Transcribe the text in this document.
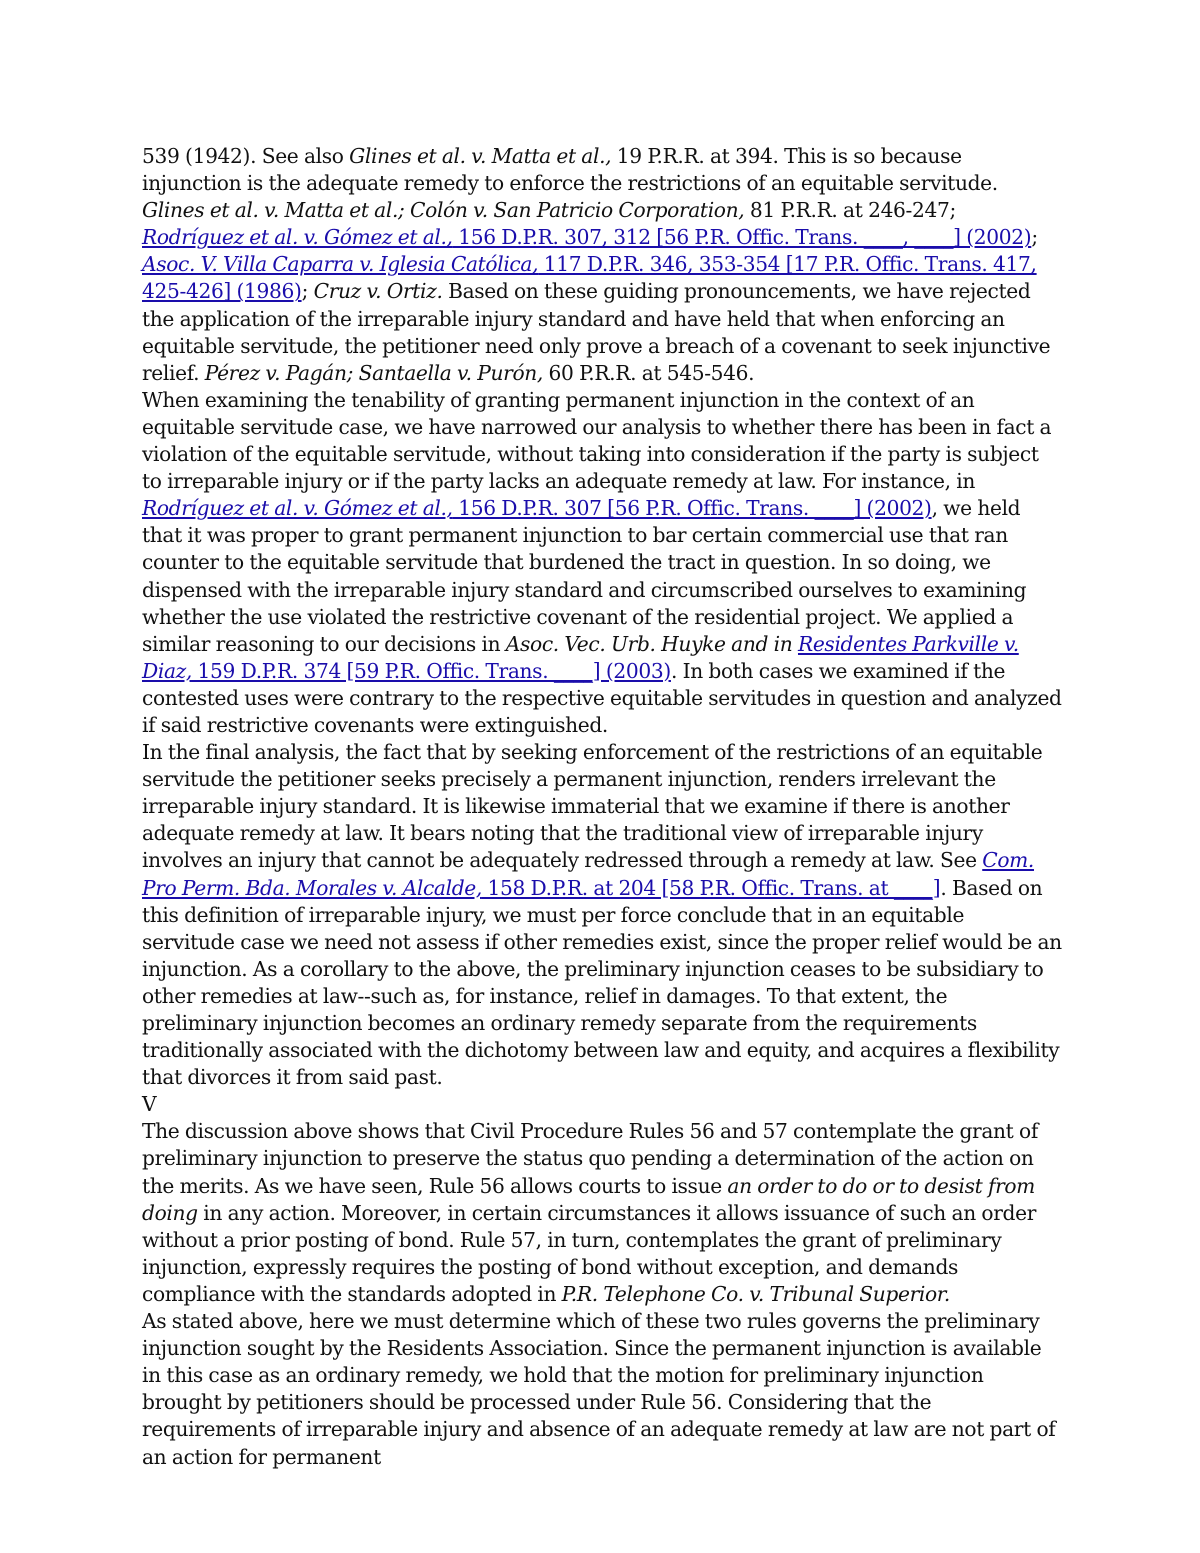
539 (1942). See also Glines et al. v. Matta et al., 19 P.R.R. at 394. This is so because injunction is the adequate remedy to enforce the restrictions of an equitable servitude. Glines et al. v. Matta et al.; Colón v. San Patricio Corporation, 81 P.R.R. at 246-247; Rodríguez et al. v. Gómez et al., 156 D.P.R. 307, 312 [56 P.R. Offic. Trans. ____, ____] (2002); Asoc. V. Villa Caparra v. Iglesia Católica, 117 D.P.R. 346, 353-354 [17 P.R. Offic. Trans. 417, 425-426] (1986); Cruz v. Ortiz. Based on these guiding pronouncements, we have rejected the application of the irreparable injury standard and have held that when enforcing an equitable servitude, the petitioner need only prove a breach of a covenant to seek injunctive relief. Pérez v. Pagán; Santaella v. Purón, 60 P.R.R. at 545-546.

When examining the tenability of granting permanent injunction in the context of an equitable servitude case, we have narrowed our analysis to whether there has been in fact a violation of the equitable servitude, without taking into consideration if the party is subject to irreparable injury or if the party lacks an adequate remedy at law. For instance, in Rodríguez et al. v. Gómez et al., 156 D.P.R. 307 [56 P.R. Offic. Trans. ____] (2002), we held that it was proper to grant permanent injunction to bar certain commercial use that ran counter to the equitable servitude that burdened the tract in question. In so doing, we dispensed with the irreparable injury standard and circumscribed ourselves to examining whether the use violated the restrictive covenant of the residential project. We applied a similar reasoning to our decisions in Asoc. Vec. Urb. Huyke and in Residentes Parkville v. Diaz, 159 D.P.R. 374 [59 P.R. Offic. Trans. ____] (2003). In both cases we examined if the contested uses were contrary to the respective equitable servitudes in question and analyzed if said restrictive covenants were extinguished.

In the final analysis, the fact that by seeking enforcement of the restrictions of an equitable servitude the petitioner seeks precisely a permanent injunction, renders irrelevant the irreparable injury standard. It is likewise immaterial that we examine if there is another adequate remedy at law. It bears noting that the traditional view of irreparable injury involves an injury that cannot be adequately redressed through a remedy at law. See Com. Pro Perm. Bda. Morales v. Alcalde, 158 D.P.R. at 204 [58 P.R. Offic. Trans. at ____]. Based on this definition of irreparable injury, we must per force conclude that in an equitable servitude case we need not assess if other remedies exist, since the proper relief would be an injunction. As a corollary to the above, the preliminary injunction ceases to be subsidiary to other remedies at law--such as, for instance, relief in damages. To that extent, the preliminary injunction becomes an ordinary remedy separate from the requirements traditionally associated with the dichotomy between law and equity, and acquires a flexibility that divorces it from said past.

V

The discussion above shows that Civil Procedure Rules 56 and 57 contemplate the grant of preliminary injunction to preserve the status quo pending a determination of the action on the merits. As we have seen, Rule 56 allows courts to issue an order to do or to desist from doing in any action. Moreover, in certain circumstances it allows issuance of such an order without a prior posting of bond. Rule 57, in turn, contemplates the grant of preliminary injunction, expressly requires the posting of bond without exception, and demands compliance with the standards adopted in P.R. Telephone Co. v. Tribunal Superior.

As stated above, here we must determine which of these two rules governs the preliminary injunction sought by the Residents Association. Since the permanent injunction is available in this case as an ordinary remedy, we hold that the motion for preliminary injunction brought by petitioners should be processed under Rule 56. Considering that the requirements of irreparable injury and absence of an adequate remedy at law are not part of an action for permanent
